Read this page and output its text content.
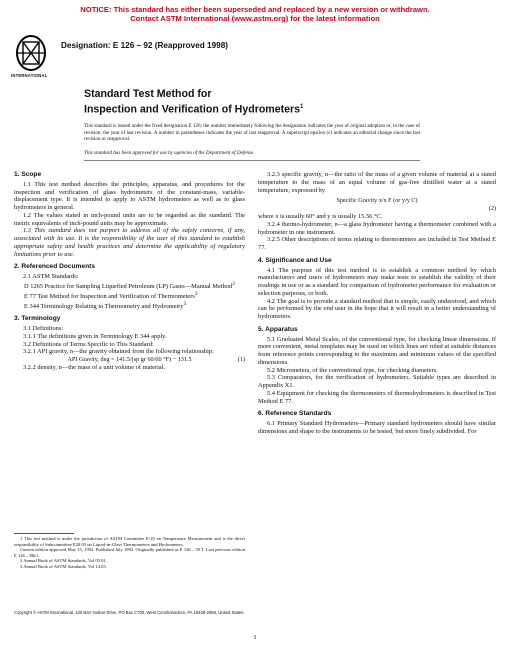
NOTICE: This standard has either been superseded and replaced by a new version or withdrawn.
Contact ASTM International (www.astm.org) for the latest information
INTERNATIONAL
Designation: E 126 – 92 (Reapproved 1998)
Standard Test Method for
Inspection and Verification of Hydrometers$^1$
This standard is issued under the fixed designation E 126; the number immediately following the designation indicates the year of original adoption or, in the case of revision, the year of last revision. A number in parentheses indicates the year of last reapproval. A superscript epsilon (ε) indicates an editorial change since the last revision or reapproval.
This standard has been approved for use by agencies of the Department of Defense.

1. Scope

1.1 This test method describes the principles, apparatus, and procedures for the inspection and verification of glass hydrometers of the constant-mass, variable-displacement type. It is intended to apply to ASTM hydrometers as well as to glass hydrometers in general.

1.2 The values stated in inch-pound units are to be regarded as the standard. The metric equivalents of inch-pound units may be approximate.

1.3 This standard does not purport to address all of the safety concerns, if any, associated with its use. It is the responsibility of the user of this standard to establish appropriate safety and health practices and determine the applicability of regulatory limitations prior to use.

2. Referenced Documents

2.1 ASTM Standards:

D 1265 Practice for Sampling Liquefied Petroleum (LP) Gases—Manual Method$^2$

E 77 Test Method for Inspection and Verification of Thermometers$^3$

E 344 Terminology Relating to Thermometry and Hydrometry$^3$

3. Terminology

3.1 Definitions:

3.1.1 The definitions given in Terminology E 344 apply.

3.2 Definitions of Terms Specific to This Standard:

3.2.1 API gravity, n—the gravity obtained from the following relationship:

API Gravity, deg = 141.5/(sp gr 60/60 °F) − 131.5	(1)

3.2.2 density, n—the mass of a unit volume of material.

1 This test method is under the jurisdiction of ASTM Committee E-20 on Temperature Measurement and is the direct responsibility of Subcommittee E20.05 on Liquid-in-Glass Thermometers and Hydrometers.

Current edition approved May 15, 1992. Published July 1992. Originally published as E 126 – 59 T. Last previous edition E 126 – 88ε1.

2 Annual Book of ASTM Standards, Vol 05.01.

3 Annual Book of ASTM Standards, Vol 14.03.

3.2.3 specific gravity, n—the ratio of the mass of a given volume of material at a stated temperature to the mass of an equal volume of gas-free distilled water at a stated temperature, expressed by

Specific Gravity x/x F (or y/y C)
(2)

where x is usually 60° and y is usually 15.56 °C.

3.2.4 thermo-hydrometer, n—a glass hydrometer having a thermometer combined with a hydrometer in one instrument.

3.2.5 Other descriptions of terms relating to thermometers are included in Test Method E 77.

4. Significance and Use

4.1 The purpose of this test method is to establish a common method by which manufacturers and users of hydrometers may make tests to establish the validity of their readings in use or as a standard for comparison of hydrometer performance for evaluation or selection purposes, or both.

4.2 The goal is to provide a standard method that is simple, easily understood, and which can be performed by the end user in the hope that it will result in a better understanding of hydrometers.

5. Apparatus

5.1 Graduated Metal Scales, of the conventional type, for checking linear dimensions. If more convenient, metal templates may be used on which lines are ruled at suitable distances from reference points corresponding to the maximum and minimum values of the specified dimensions.

5.2 Micrometers, of the conventional type, for checking diameters.

5.3 Comparators, for the verification of hydrometers. Suitable types are described in Appendix X1.

5.4 Equipment for checking the thermometers of thermohydrometers is described in Test Method E 77.

6. Reference Standards

6.1 Primary Standard Hydrometers—Primary standard hydrometers should have similar dimensions and shape to the instruments to be tested, but more finely subdivided. For

Copyright © ASTM International, 100 Barr Harbor Drive, PO Box C700, West Conshohocken, PA 19428-2959, United States.
1
